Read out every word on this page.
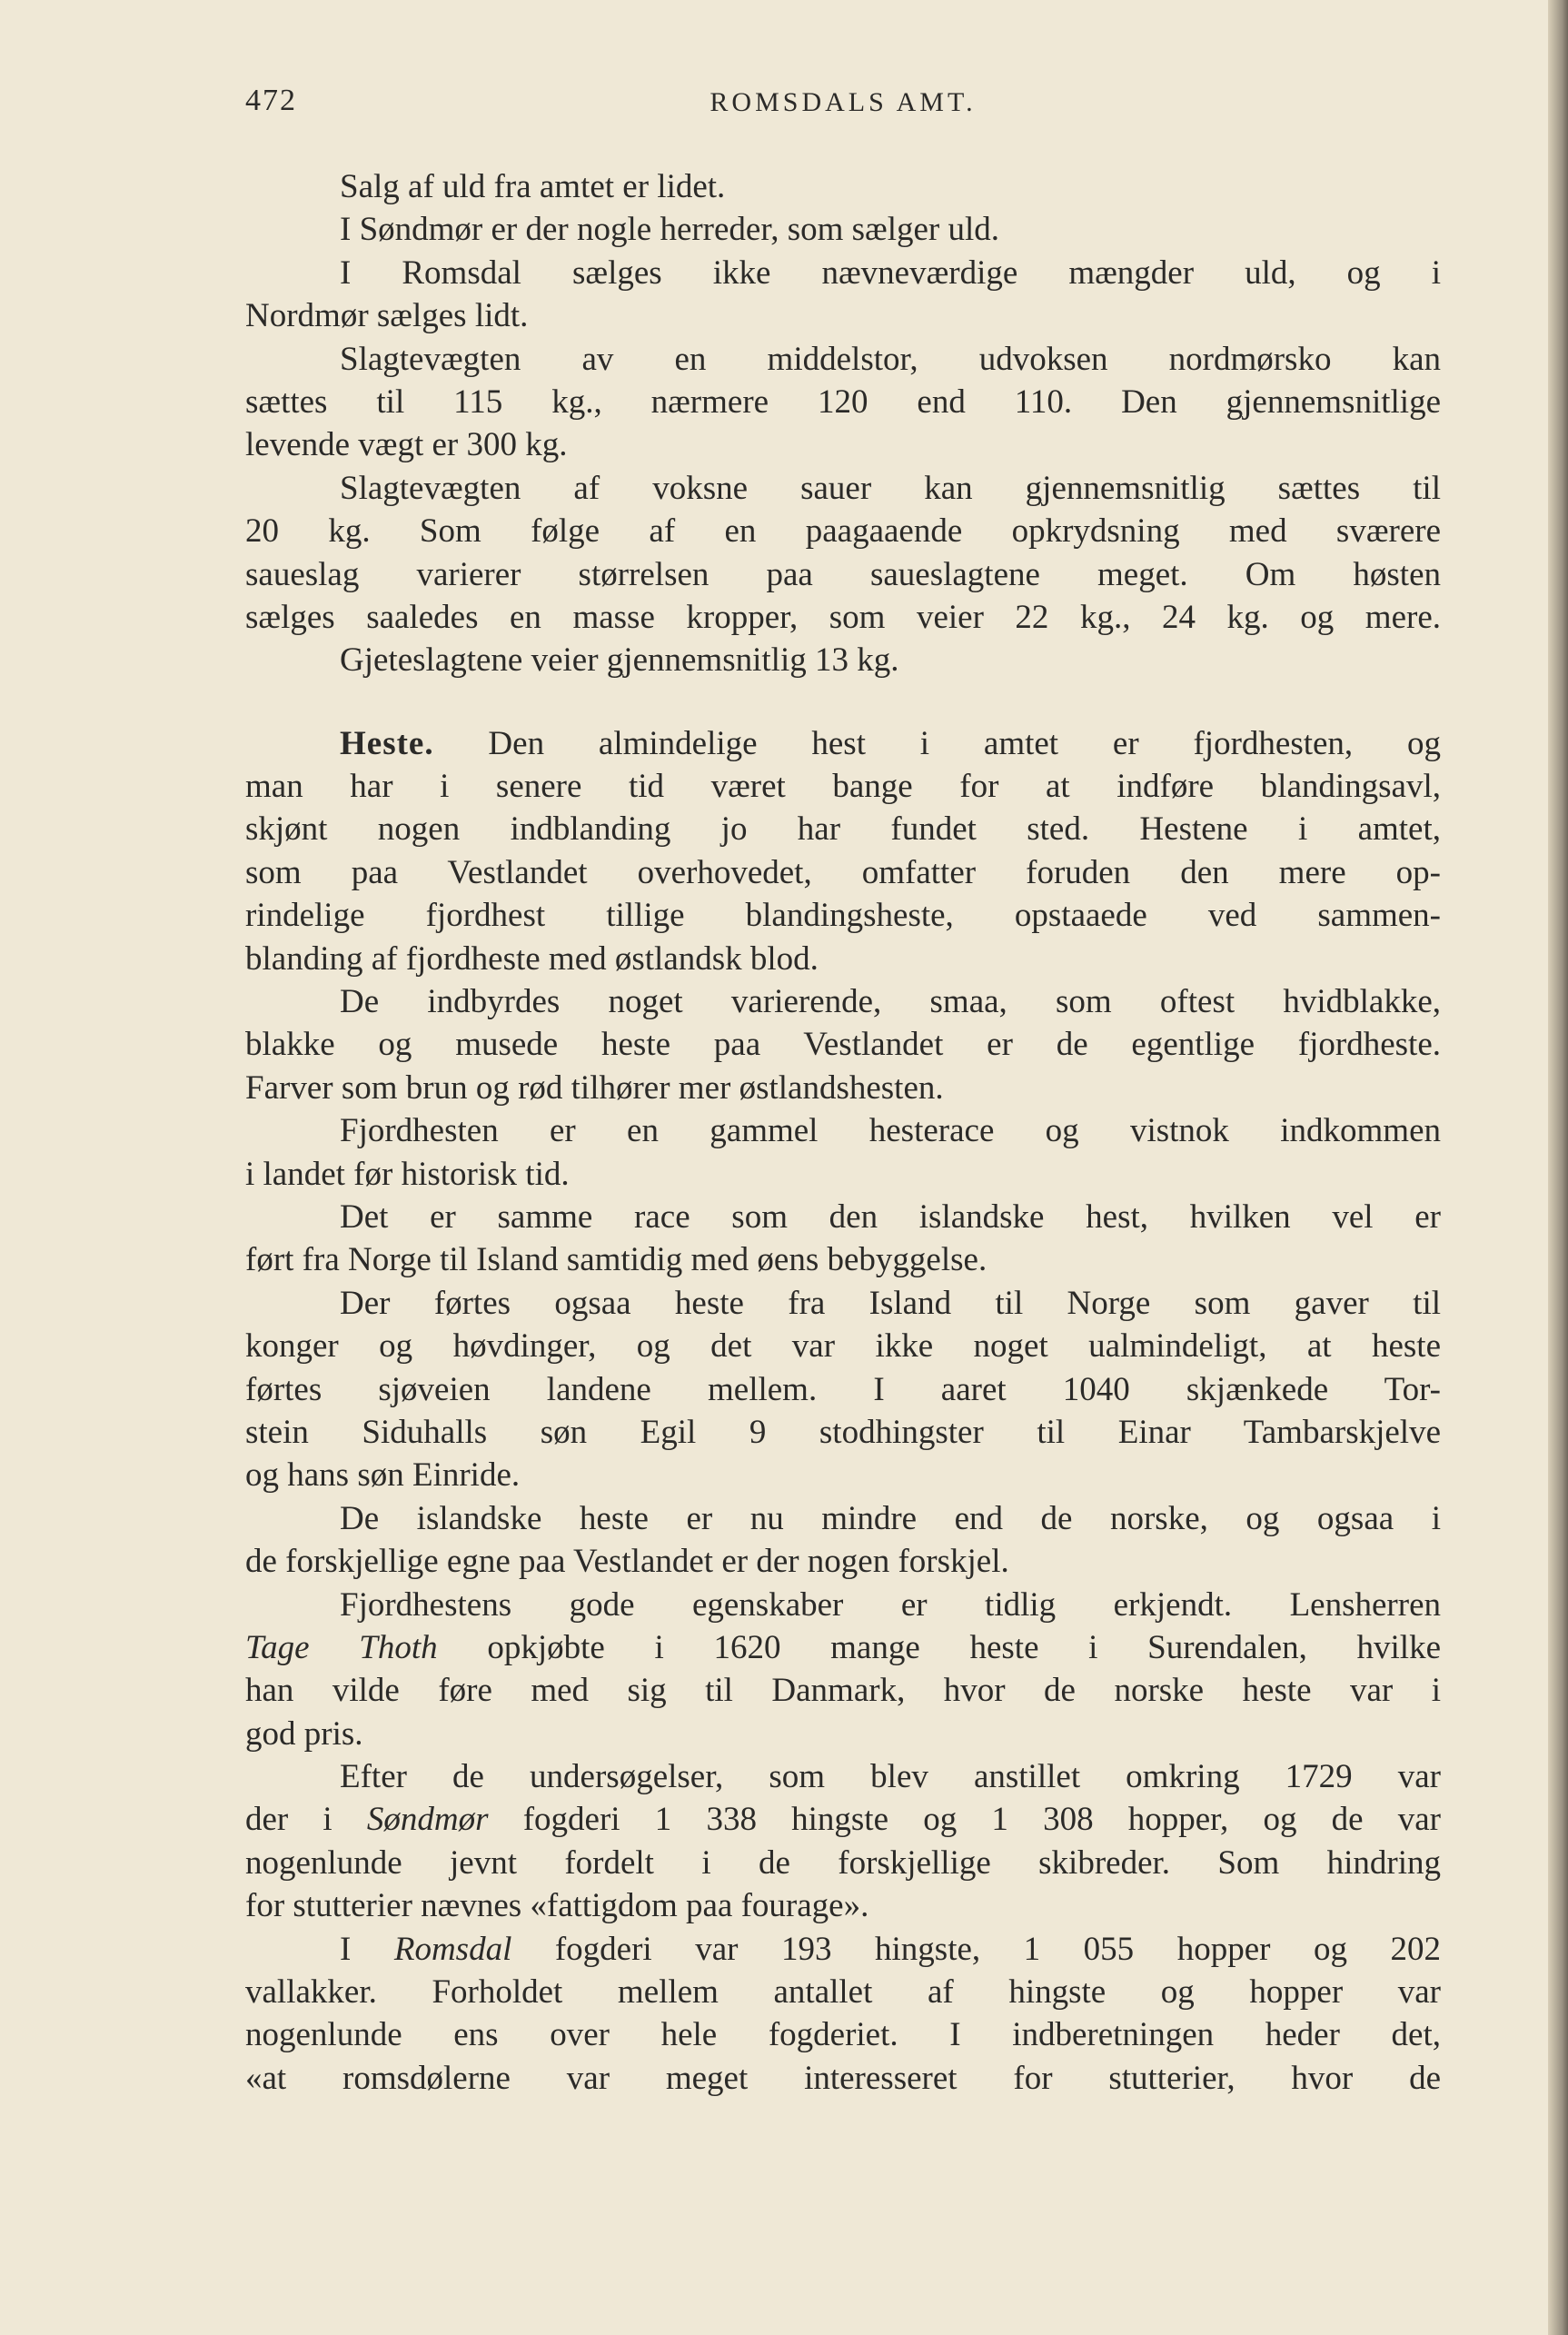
472	ROMSDALS AMT.
Salg af uld fra amtet er lidet.
I Søndmør er der nogle herreder, som sælger uld.
I Romsdal sælges ikke nævneværdige mængder uld, og i
Nordmør sælges lidt.
Slagtevægten av en middelstor, udvoksen nordmørsko kan
sættes til 115 kg., nærmere 120 end 110. Den gjennemsnitlige
levende vægt er 300 kg.
Slagtevægten af voksne sauer kan gjennemsnitlig sættes til
20 kg. Som følge af en paagaaende opkrydsning med sværere
saueslag varierer størrelsen paa saueslagtene meget. Om høsten
sælges saaledes en masse kropper, som veier 22 kg., 24 kg. og mere.
Gjeteslagtene veier gjennemsnitlig 13 kg.
Heste. Den almindelige hest i amtet er fjordhesten, og
man har i senere tid været bange for at indføre blandingsavl,
skjønt nogen indblanding jo har fundet sted. Hestene i amtet,
som paa Vestlandet overhovedet, omfatter foruden den mere op-
rindelige fjordhest tillige blandingsheste, opstaaede ved sammen-
blanding af fjordheste med østlandsk blod.
De indbyrdes noget varierende, smaa, som oftest hvidblakke,
blakke og musede heste paa Vestlandet er de egentlige fjordheste.
Farver som brun og rød tilhører mer østlandshesten.
Fjordhesten er en gammel hesterace og vistnok indkommen
i landet før historisk tid.
Det er samme race som den islandske hest, hvilken vel er
ført fra Norge til Island samtidig med øens bebyggelse.
Der førtes ogsaa heste fra Island til Norge som gaver til
konger og høvdinger, og det var ikke noget ualmindeligt, at heste
førtes sjøveien landene mellem. I aaret 1040 skjænkede Tor-
stein Siduhalls søn Egil 9 stodhingster til Einar Tambarskjelve
og hans søn Einride.
De islandske heste er nu mindre end de norske, og ogsaa i
de forskjellige egne paa Vestlandet er der nogen forskjel.
Fjordhestens gode egenskaber er tidlig erkjendt. Lensherren
Tage Thoth opkjøbte i 1620 mange heste i Surendalen, hvilke
han vilde føre med sig til Danmark, hvor de norske heste var i
god pris.
Efter de undersøgelser, som blev anstillet omkring 1729 var
der i Søndmør fogderi 1 338 hingste og 1 308 hopper, og de var
nogenlunde jevnt fordelt i de forskjellige skibreder. Som hindring
for stutterier nævnes «fattigdom paa fourage».
I Romsdal fogderi var 193 hingste, 1 055 hopper og 202
vallakker. Forholdet mellem antallet af hingste og hopper var
nogenlunde ens over hele fogderiet. I indberetningen heder det,
«at romsdølerne var meget interesseret for stutterier, hvor de
